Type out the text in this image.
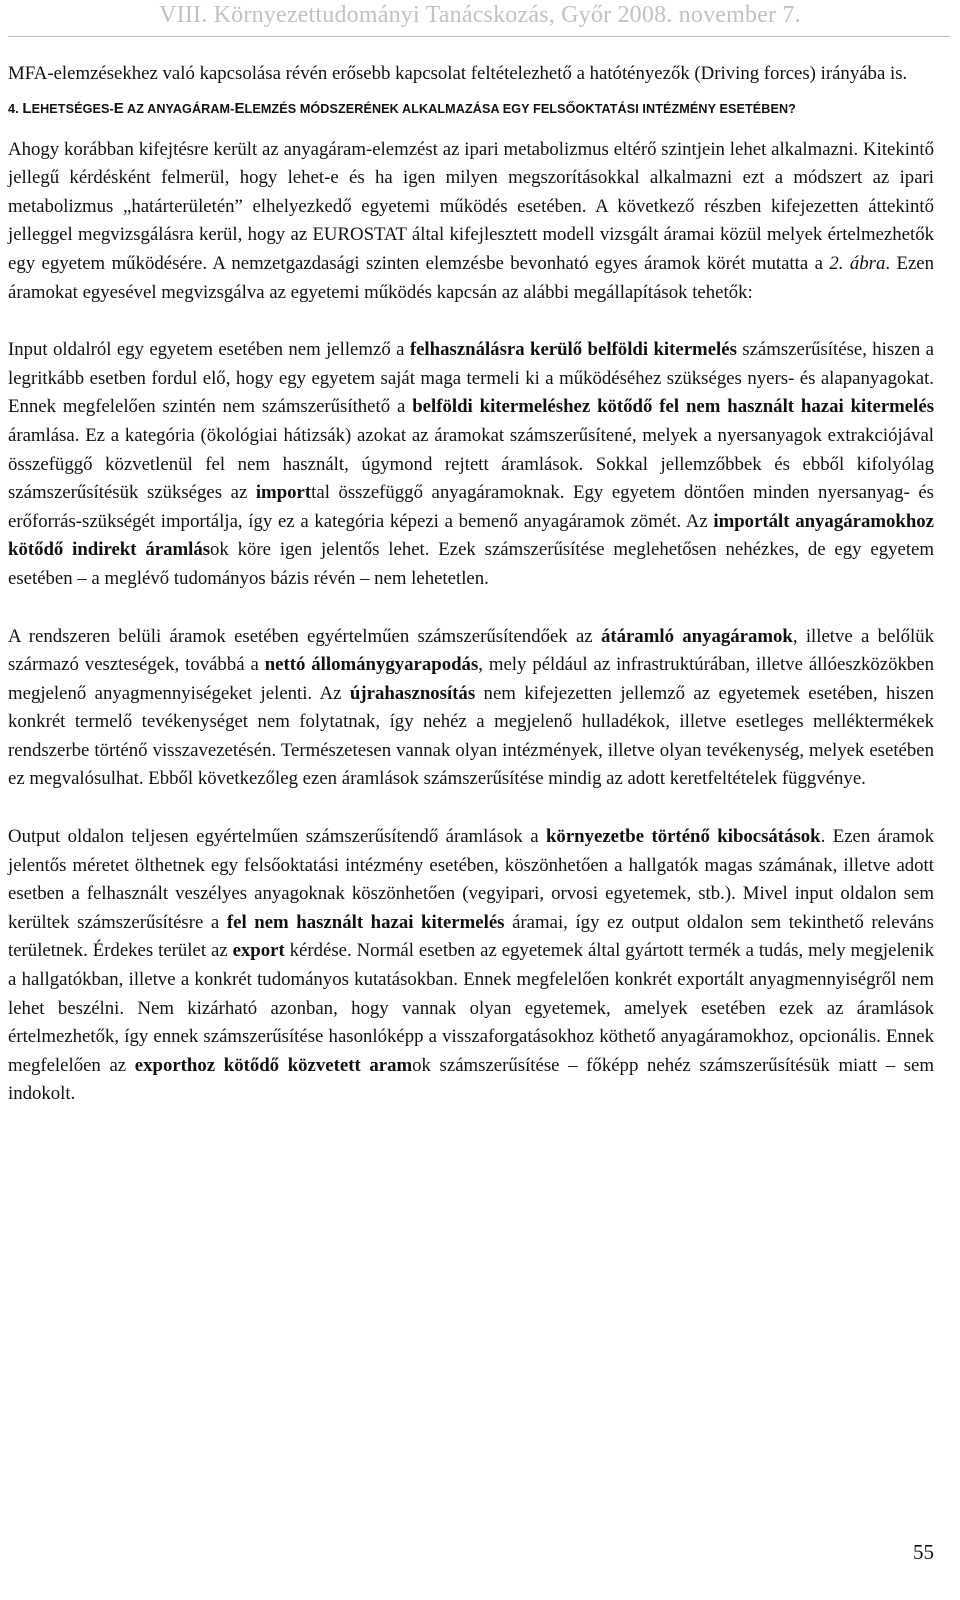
VIII. Környezettudományi Tanácskozás, Győr 2008. november 7.

MFA-elemzésekhez való kapcsolása révén erősebb kapcsolat feltételezhető a hatótényezők (Driving forces) irányába is.

4. LEHETSÉGES-E AZ ANYAGÁRAM-ELEMZÉS MÓDSZERÉNEK ALKALMAZÁSA EGY FELSŐOKTATÁSI INTÉZMÉNY ESETÉBEN?

Ahogy korábban kifejtésre került az anyagáram-elemzést az ipari metabolizmus eltérő szintjein lehet alkalmazni. Kitekintő jellegű kérdésként felmerül, hogy lehet-e és ha igen milyen megszorításokkal alkalmazni ezt a módszert az ipari metabolizmus „határterületén” elhelyezkedő egyetemi működés esetében. A következő részben kifejezetten áttekintő jelleggel megvizsgálásra kerül, hogy az EUROSTAT által kifejlesztett modell vizsgált áramai közül melyek értelmezhetők egy egyetem működésére. A nemzetgazdasági szinten elemzésbe bevonható egyes áramok körét mutatta a 2. ábra. Ezen áramokat egyesével megvizsgálva az egyetemi működés kapcsán az alábbi megállapítások tehetők:

Input oldalról egy egyetem esetében nem jellemző a felhasználásra kerülő belföldi kitermelés számszerűsítése, hiszen a legritkább esetben fordul elő, hogy egy egyetem saját maga termeli ki a működéséhez szükséges nyers- és alapanyagokat. Ennek megfelelően szintén nem számszerűsíthető a belföldi kitermeléshez kötődő fel nem használt hazai kitermelés áramlása. Ez a kategória (ökológiai hátizsák) azokat az áramokat számszerűsítené, melyek a nyersanyagok extrakciójával összefüggő közvetlenül fel nem használt, úgymond rejtett áramlások. Sokkal jellemzőbbek és ebből kifolyólag számszerűsítésük szükséges az importtal összefüggő anyagáramoknak. Egy egyetem döntően minden nyersanyag- és erőforrás-szükségét importálja, így ez a kategória képezi a bemenő anyagáramok zömét. Az importált anyagáramokhoz kötődő indirekt áramlások köre igen jelentős lehet. Ezek számszerűsítése meglehetősen nehézkes, de egy egyetem esetében – a meglévő tudományos bázis révén – nem lehetetlen.

A rendszeren belüli áramok esetében egyértelműen számszerűsítendőek az átáramló anyagáramok, illetve a belőlük származó veszteségek, továbbá a nettó állománygyarapodás, mely például az infrastruktúrában, illetve állóeszközökben megjelenő anyagmennyiségeket jelenti. Az újrahasznosítás nem kifejezetten jellemző az egyetemek esetében, hiszen konkrét termelő tevékenységet nem folytatnak, így nehéz a megjelenő hulladékok, illetve esetleges melléktermékek rendszerbe történő visszavezetésén. Természetesen vannak olyan intézmények, illetve olyan tevékenység, melyek esetében ez megvalósulhat. Ebből következőleg ezen áramlások számszerűsítése mindig az adott keretfeltételek függvénye.

Output oldalon teljesen egyértelműen számszerűsítendő áramlások a környezetbe történő kibocsátások. Ezen áramok jelentős méretet ölthetnek egy felsőoktatási intézmény esetében, köszönhetően a hallgatók magas számának, illetve adott esetben a felhasznált veszélyes anyagoknak köszönhetően (vegyipari, orvosi egyetemek, stb.). Mivel input oldalon sem kerültek számszerűsítésre a fel nem használt hazai kitermelés áramai, így ez output oldalon sem tekinthető releváns területnek. Érdekes terület az export kérdése. Normál esetben az egyetemek által gyártott termék a tudás, mely megjelenik a hallgatókban, illetve a konkrét tudományos kutatásokban. Ennek megfelelően konkrét exportált anyagmennyiségről nem lehet beszélni. Nem kizárható azonban, hogy vannak olyan egyetemek, amelyek esetében ezek az áramlások értelmezhetők, így ennek számszerűsítése hasonlóképp a visszaforgatásokhoz köthető anyagáramokhoz, opcionális. Ennek megfelelően az exporthoz kötődő közvetett aramok számszerűsítése – főképp nehéz számszerűsítésük miatt – sem indokolt.

55
